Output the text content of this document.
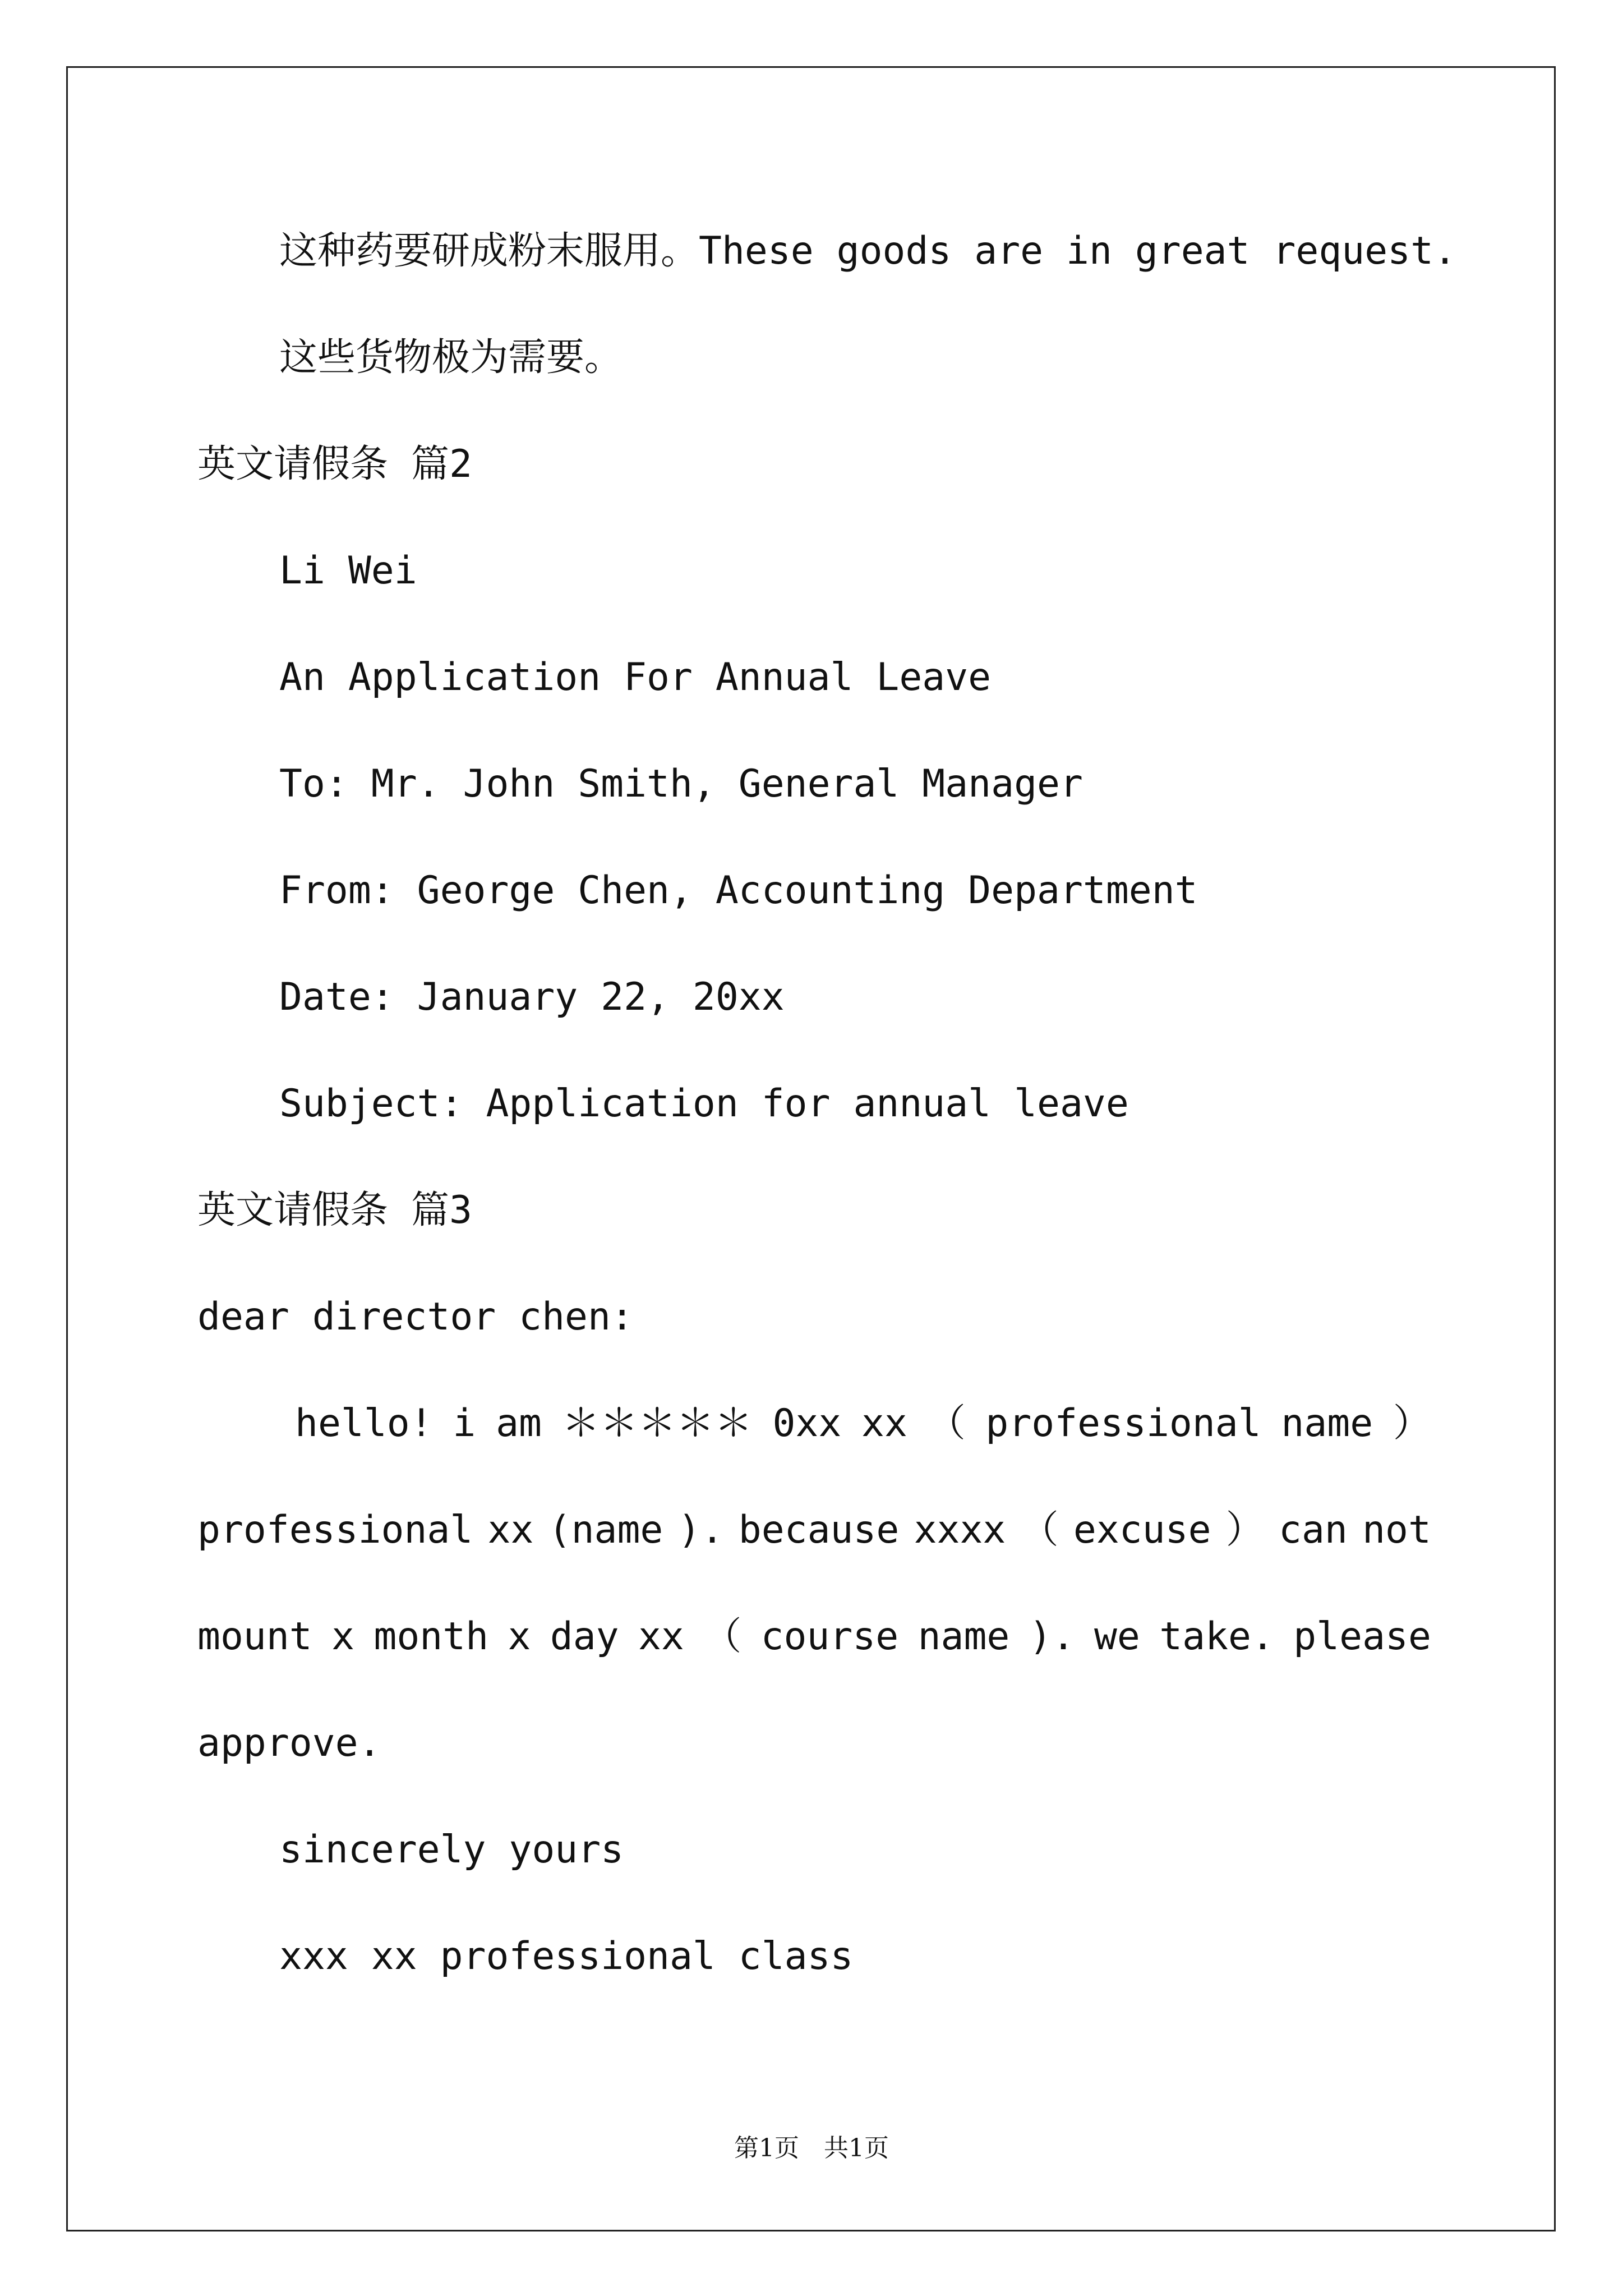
这种药要研成粉末服用。These goods are in great request.
这些货物极为需要。
英文请假条 篇2
Li Wei
An Application For Annual Leave
To: Mr. John Smith, General Manager
From: George Chen, Accounting Department
Date: January 22, 20xx
Subject: Application for annual leave
英文请假条 篇3
dear director chen:
hello! i am ＊＊＊＊＊ 0xx xx （ professional name ）
professional xx (name ). because xxxx （ excuse ） can not
mount x month x day xx （ course name ). we take. please
approve.
sincerely yours
xxx xx professional class
第1页　共1页
